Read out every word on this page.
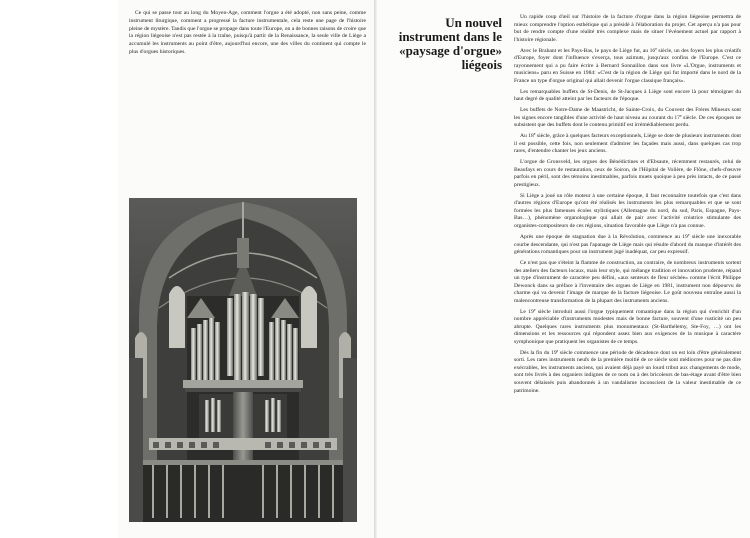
Ce qui se passe tout au long du Moyen-Age, comment l'orgue a été adopté, non sans peine, comme instrument liturgique, comment a progressé la facture instrumentale, cela reste une page de l'histoire pleine de mystère. Tandis que l'orgue se propage dans toute l'Europe, on a de bonnes raisons de croire que la région liégeoise n'est pas restée à la traîne, puisqu'à partir de la Renaissance, la seule ville de Liège a accumulé les instruments au point d'être, aujourd'hui encore, une des villes du continent qui compte le plus d'orgues historiques.

Un nouvel
instrument dans le
«paysage d'orgue»
liégeois

Un rapide coup d'œil sur l'histoire de la facture d'orgue dans la région liégeoise permettra de mieux comprendre l'option esthétique qui a présidé à l'élaboration du projet. Cet aperçu n'a pas pour but de rendre compte d'une réalité très complexe mais de situer l'événement actuel par rapport à l'histoire régionale.

Avec le Brabant et les Pays-Bas, le pays de Liège fut, au 16e siècle, un des foyers les plus créatifs d'Europe, foyer dont l'influence s'exerça, tous azimuts, jusqu'aux confins de l'Europe. C'est ce rayonnement qui a pu faire écrire à Bernard Sonnaillon dans son livre «L'Orgue, instruments et musiciens» paru en Suisse en 1984: «C'est de la région de Liège qui fut importé dans le nord de la France un type d'orgue original qui allait devenir l'orgue classique français».

Les remarquables buffets de St-Denis, de St-Jacques à Liège sont encore là pour témoigner du haut degré de qualité atteint par les facteurs de l'époque.

Les buffets de Notre-Dame de Maastricht, de Sainte-Croix, du Couvent des Frères Mineurs sont les signes encore tangibles d'une activité de haut niveau au courant du 17e siècle. De ces époques ne subsistent que des buffets dont le contenu primitif est irrémédiablement perdu.

Au 18e siècle, grâce à quelques facteurs exceptionnels, Liège se dote de plusieurs instruments dont il est possible, cette fois, non seulement d'admirer les façades mais aussi, dans quelques cas trop rares, d'entendre chanter les jeux anciens.

L'orgue de Gronsveld, les orgues des Bénédictines et d'Ebsaute, récemment restaurés, celui de Beaufays en cours de restauration, ceux de Soiron, de l'Hôpital de Volière, de Flône, chefs-d'œuvre parfois en péril, sont des témoins inestimables, parfois muets quoique à peu près intacts, de ce passé prestigieux.

Si Liège a joué un rôle moteur à une certaine époque, il faut reconnaître toutefois que c'est dans d'autres régions d'Europe qu'ont été réalisés les instruments les plus remarquables et que se sont formées les plus fameuses écoles stylistiques (Allemagne du nord, du sud, Paris, Espagne, Pays-Bas…), phénomène organologique qui allait de pair avec l'activité créatrice stimulante des organistes-compositeurs de ces régions, situation favorable que Liège n'a pas connue.

Après une époque de stagnation due à la Révolution, commence au 19e siècle une inexorable courbe descendante, qui n'est pas l'apanage de Liège mais qui résulte d'abord du manque d'intérêt des générations romantiques pour un instrument jugé inadéquat, car peu expressif.

Ce n'est pas que s'éteint la flamme de construction, au contraire, de nombreux instruments sortent des ateliers des facteurs locaux, mais leur style, qui mélange tradition et innovation prudente, répand un type d'instrument de caractère peu défini, «aux senteurs de fleur séchée» comme l'écrit Philippe Dewonck dans sa préface à l'inventaire des orgues de Liège en 1981, instrument non dépourvu de charme qui va devenir l'image de marque de la facture liégeoise. Le goût nouveau entraîne aussi la malencontreuse transformation de la plupart des instruments anciens.

Le 19e siècle introduit aussi l'orgue typiquement romantique dans la région qui s'enrichit d'un nombre appréciable d'instruments modestes mais de bonne facture, souvent d'une rusticité un peu abrupte. Quelques rares instruments plus monumentaux (St-Barthélemy, Ste-Foy, …) ont les dimensions et les ressources qui répondent assez bien aux exigences de la musique à caractère symphonique que pratiquent les organistes de ce temps.

Dès la fin du 19e siècle commence une période de décadence dont on est loin d'être généralement sorti. Les rares instruments neufs de la première moitié de ce siècle sont médiocres pour ne pas dire exécrables, les instruments anciens, qui avaient déjà payé un lourd tribut aux changements de mode, sont très livrés à des organiers indignes de ce nom ou à des bricoleurs de bas-étage avant d'être bien souvent délaissés puis abandonnés à un vandalisme inconscient de la valeur inestimable de ce patrimoine.
